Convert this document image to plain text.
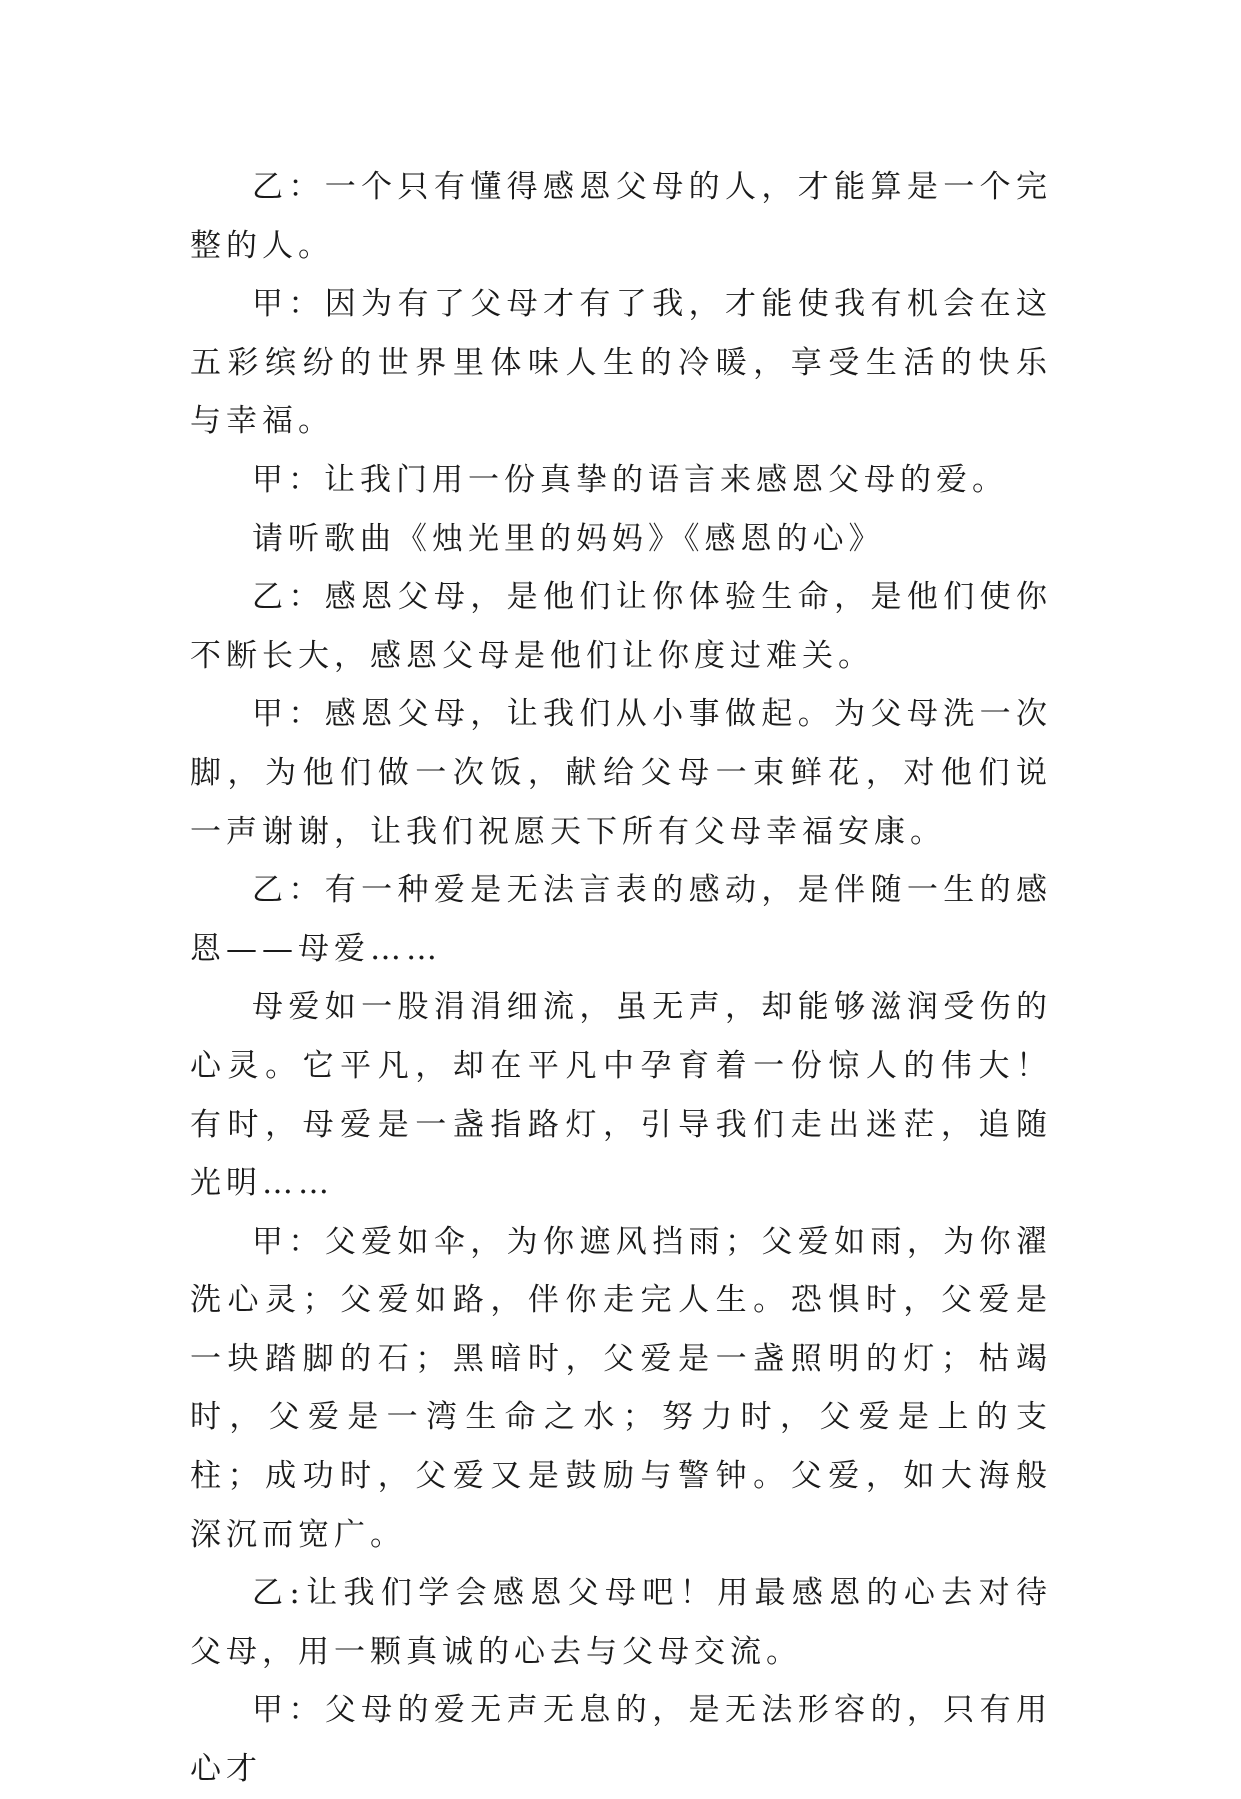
乙：一个只有懂得感恩父母的人，才能算是一个完整的人。

甲：因为有了父母才有了我，才能使我有机会在这五彩缤纷的世界里体味人生的冷暖，享受生活的快乐与幸福。

甲：让我门用一份真挚的语言来感恩父母的爱。

请听歌曲《烛光里的妈妈》《感恩的心》

乙：感恩父母，是他们让你体验生命，是他们使你不断长大，感恩父母是他们让你度过难关。

甲：感恩父母，让我们从小事做起。为父母洗一次脚，为他们做一次饭，献给父母一束鲜花，对他们说一声谢谢，让我们祝愿天下所有父母幸福安康。

乙：有一种爱是无法言表的感动，是伴随一生的感恩——母爱……

母爱如一股涓涓细流，虽无声，却能够滋润受伤的心灵。它平凡，却在平凡中孕育着一份惊人的伟大！有时，母爱是一盏指路灯，引导我们走出迷茫，追随光明……

甲：父爱如伞，为你遮风挡雨；父爱如雨，为你濯洗心灵；父爱如路，伴你走完人生。恐惧时，父爱是一块踏脚的石；黑暗时，父爱是一盏照明的灯；枯竭时，父爱是一湾生命之水；努力时，父爱是上的支柱；成功时，父爱又是鼓励与警钟。父爱，如大海般深沉而宽广。

乙:让我们学会感恩父母吧！用最感恩的心去对待父母，用一颗真诚的心去与父母交流。

甲：父母的爱无声无息的，是无法形容的，只有用心才
